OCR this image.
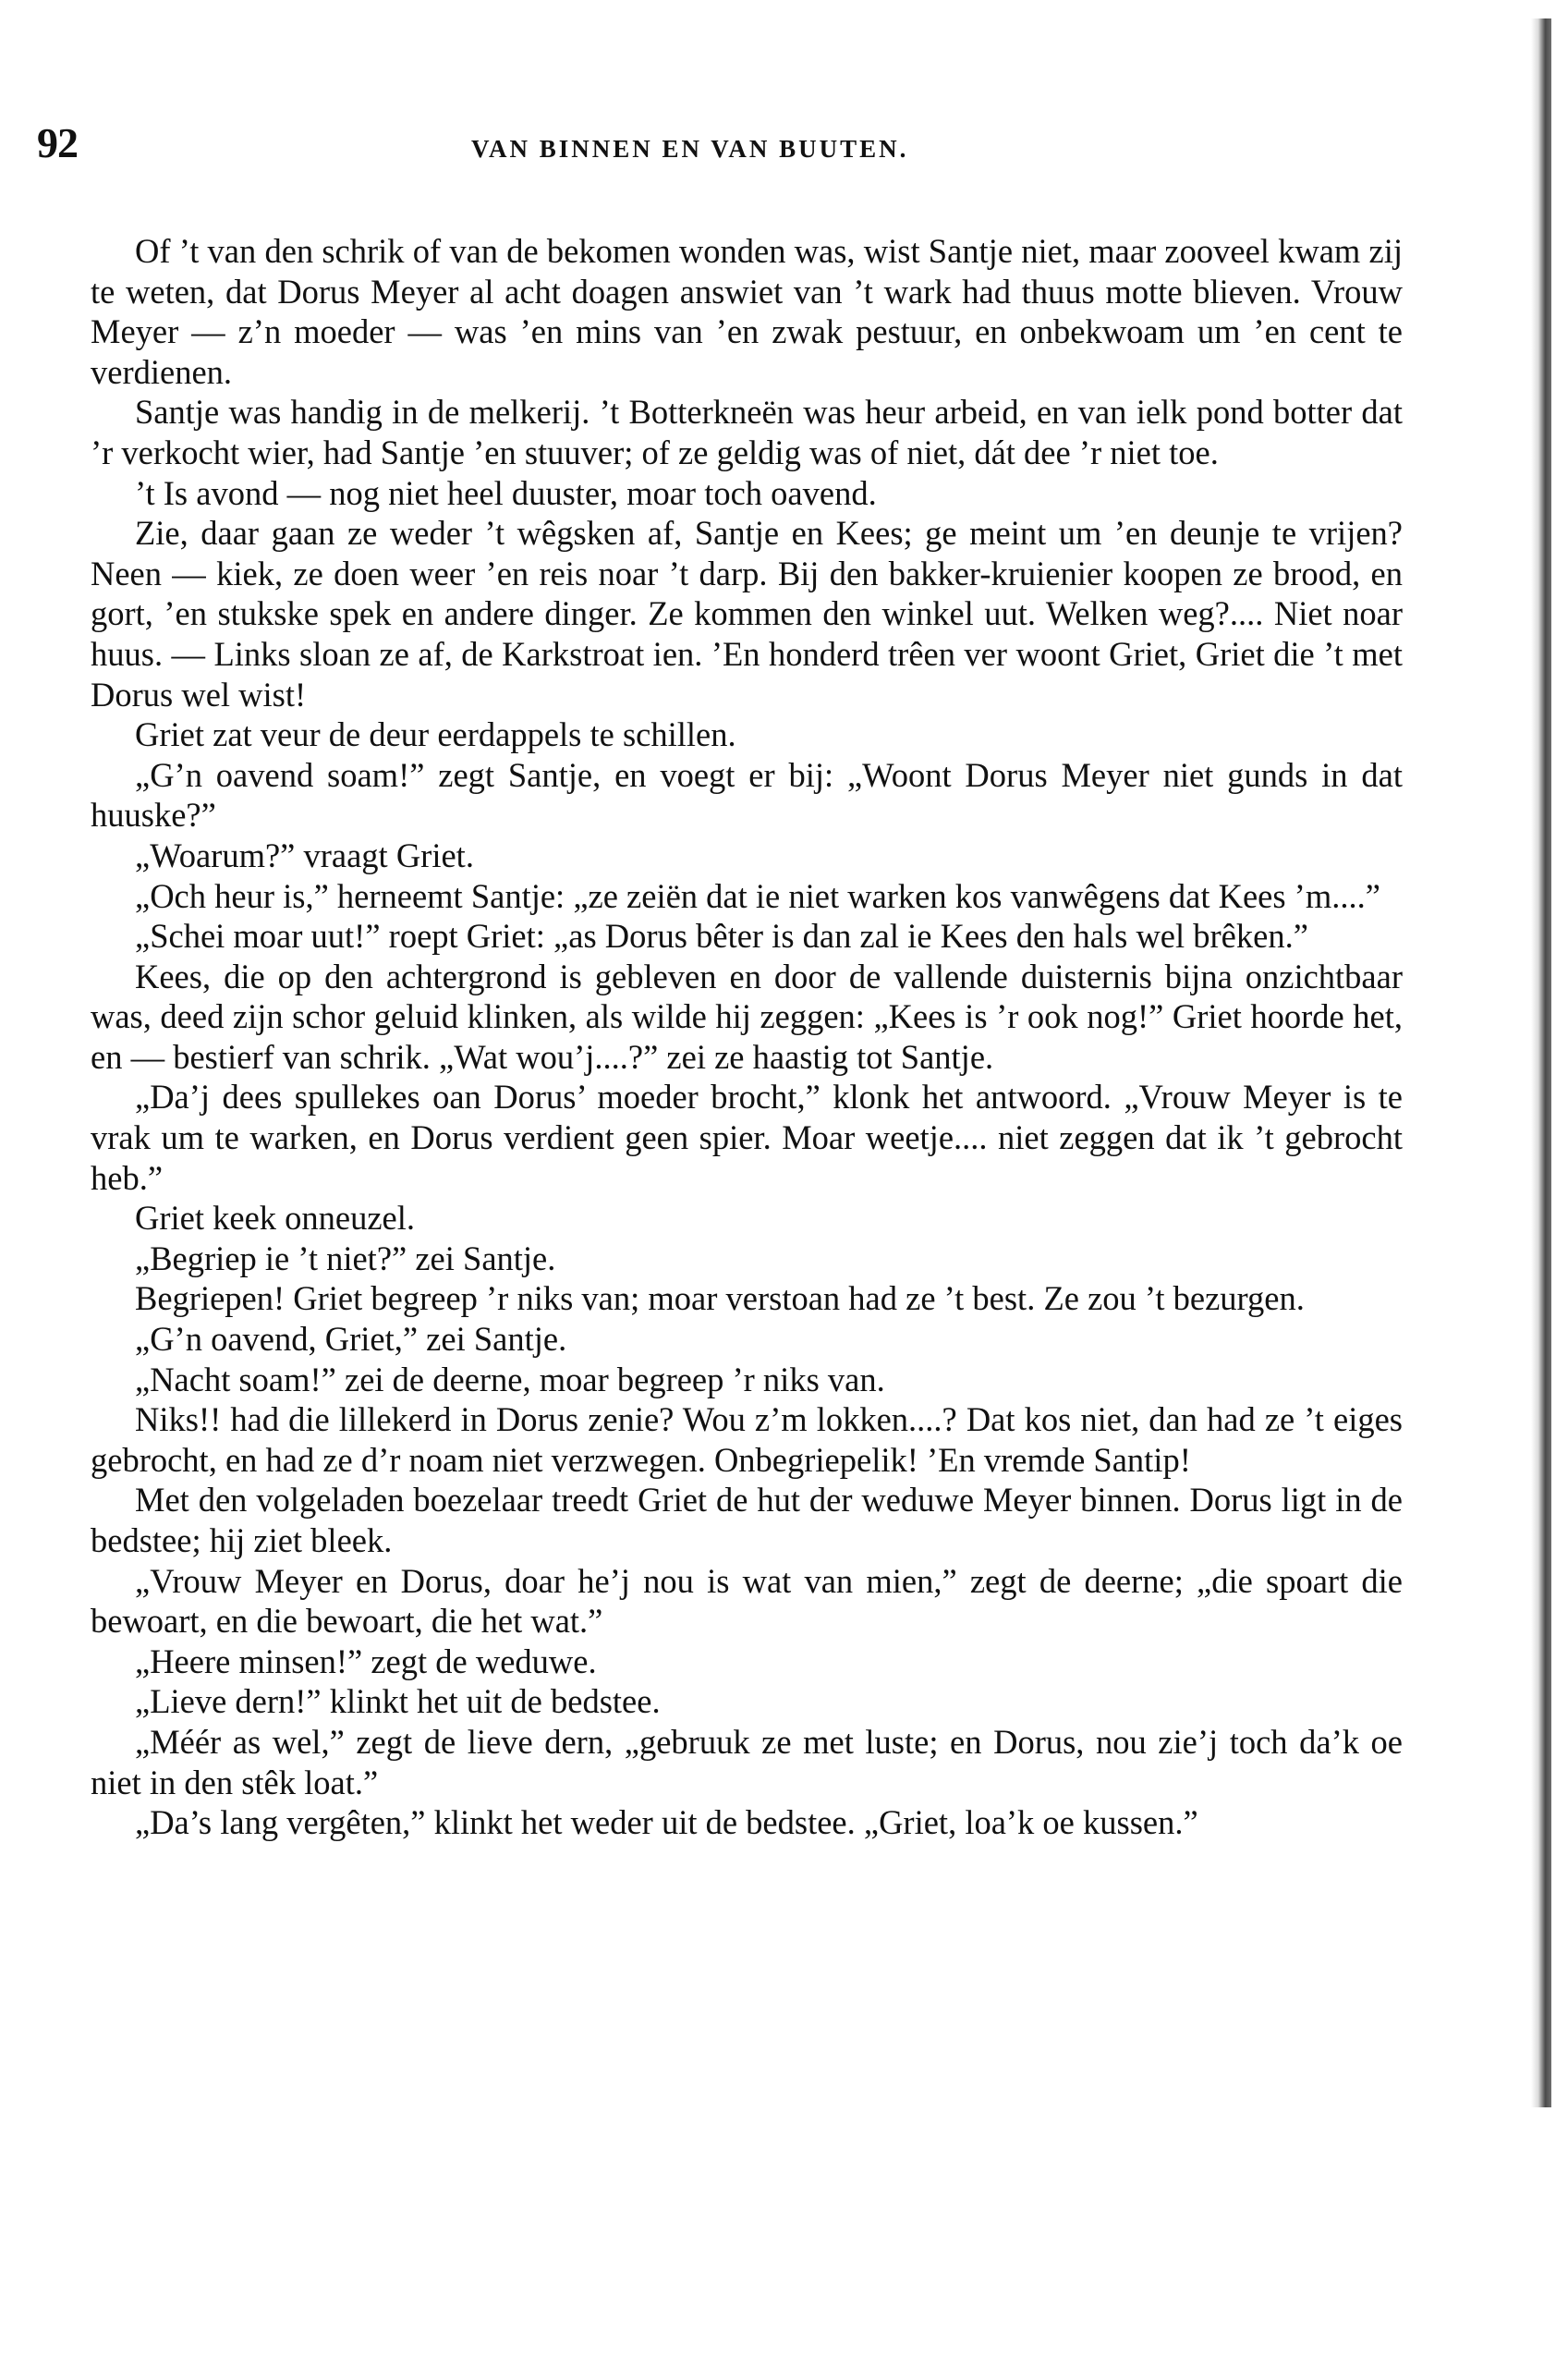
92	VAN BINNEN EN VAN BUUTEN.

Of ’t van den schrik of van de bekomen wonden was, wist Santje niet, maar zooveel kwam zij te weten, dat Dorus Meyer al acht doagen answiet van ’t wark had thuus motte blieven. Vrouw Meyer — z’n moeder — was ’en mins van ’en zwak pestuur, en onbekwoam um ’en cent te verdienen.

Santje was handig in de melkerij. ’t Botterkneën was heur arbeid, en van ielk pond botter dat ’r verkocht wier, had Santje ’en stuuver; of ze geldig was of niet, dát dee ’r niet toe.

’t Is avond — nog niet heel duuster, moar toch oavend.

Zie, daar gaan ze weder ’t wêgsken af, Santje en Kees; ge meint um ’en deunje te vrijen? Neen — kiek, ze doen weer ’en reis noar ’t darp. Bij den bakker-kruienier koopen ze brood, en gort, ’en stukske spek en andere dinger. Ze kommen den winkel uut. Welken weg?.... Niet noar huus. — Links sloan ze af, de Karkstroat ien. ’En honderd trêen ver woont Griet, Griet die ’t met Dorus wel wist!

Griet zat veur de deur eerdappels te schillen.

„G’n oavend soam!” zegt Santje, en voegt er bij: „Woont Dorus Meyer niet gunds in dat huuske?”

„Woarum?” vraagt Griet.

„Och heur is,” herneemt Santje: „ze zeiën dat ie niet warken kos vanwêgens dat Kees ’m....”

„Schei moar uut!” roept Griet: „as Dorus bêter is dan zal ie Kees den hals wel brêken.”

Kees, die op den achtergrond is gebleven en door de vallende duisternis bijna onzichtbaar was, deed zijn schor geluid klinken, als wilde hij zeggen: „Kees is ’r ook nog!” Griet hoorde het, en — bestierf van schrik. „Wat wou’j....?” zei ze haastig tot Santje.

„Da’j dees spullekes oan Dorus’ moeder brocht,” klonk het antwoord. „Vrouw Meyer is te vrak um te warken, en Dorus verdient geen spier. Moar weetje.... niet zeggen dat ik ’t gebrocht heb.”

Griet keek onneuzel.

„Begriep ie ’t niet?” zei Santje.

Begriepen! Griet begreep ’r niks van; moar verstoan had ze ’t best. Ze zou ’t bezurgen.

„G’n oavend, Griet,” zei Santje.

„Nacht soam!” zei de deerne, moar begreep ’r niks van.

Niks!! had die lillekerd in Dorus zenie? Wou z’m lokken....? Dat kos niet, dan had ze ’t eiges gebrocht, en had ze d’r noam niet verzwegen. Onbegriepelik! ’En vremde Santip!

Met den volgeladen boezelaar treedt Griet de hut der weduwe Meyer binnen. Dorus ligt in de bedstee; hij ziet bleek.

„Vrouw Meyer en Dorus, doar he’j nou is wat van mien,” zegt de deerne; „die spoart die bewoart, en die bewoart, die het wat.”

„Heere minsen!” zegt de weduwe.

„Lieve dern!” klinkt het uit de bedstee.

„Méér as wel,” zegt de lieve dern, „gebruuk ze met luste; en Dorus, nou zie’j toch da’k oe niet in den stêk loat.”

„Da’s lang vergêten,” klinkt het weder uit de bedstee. „Griet, loa’k oe kussen.”
